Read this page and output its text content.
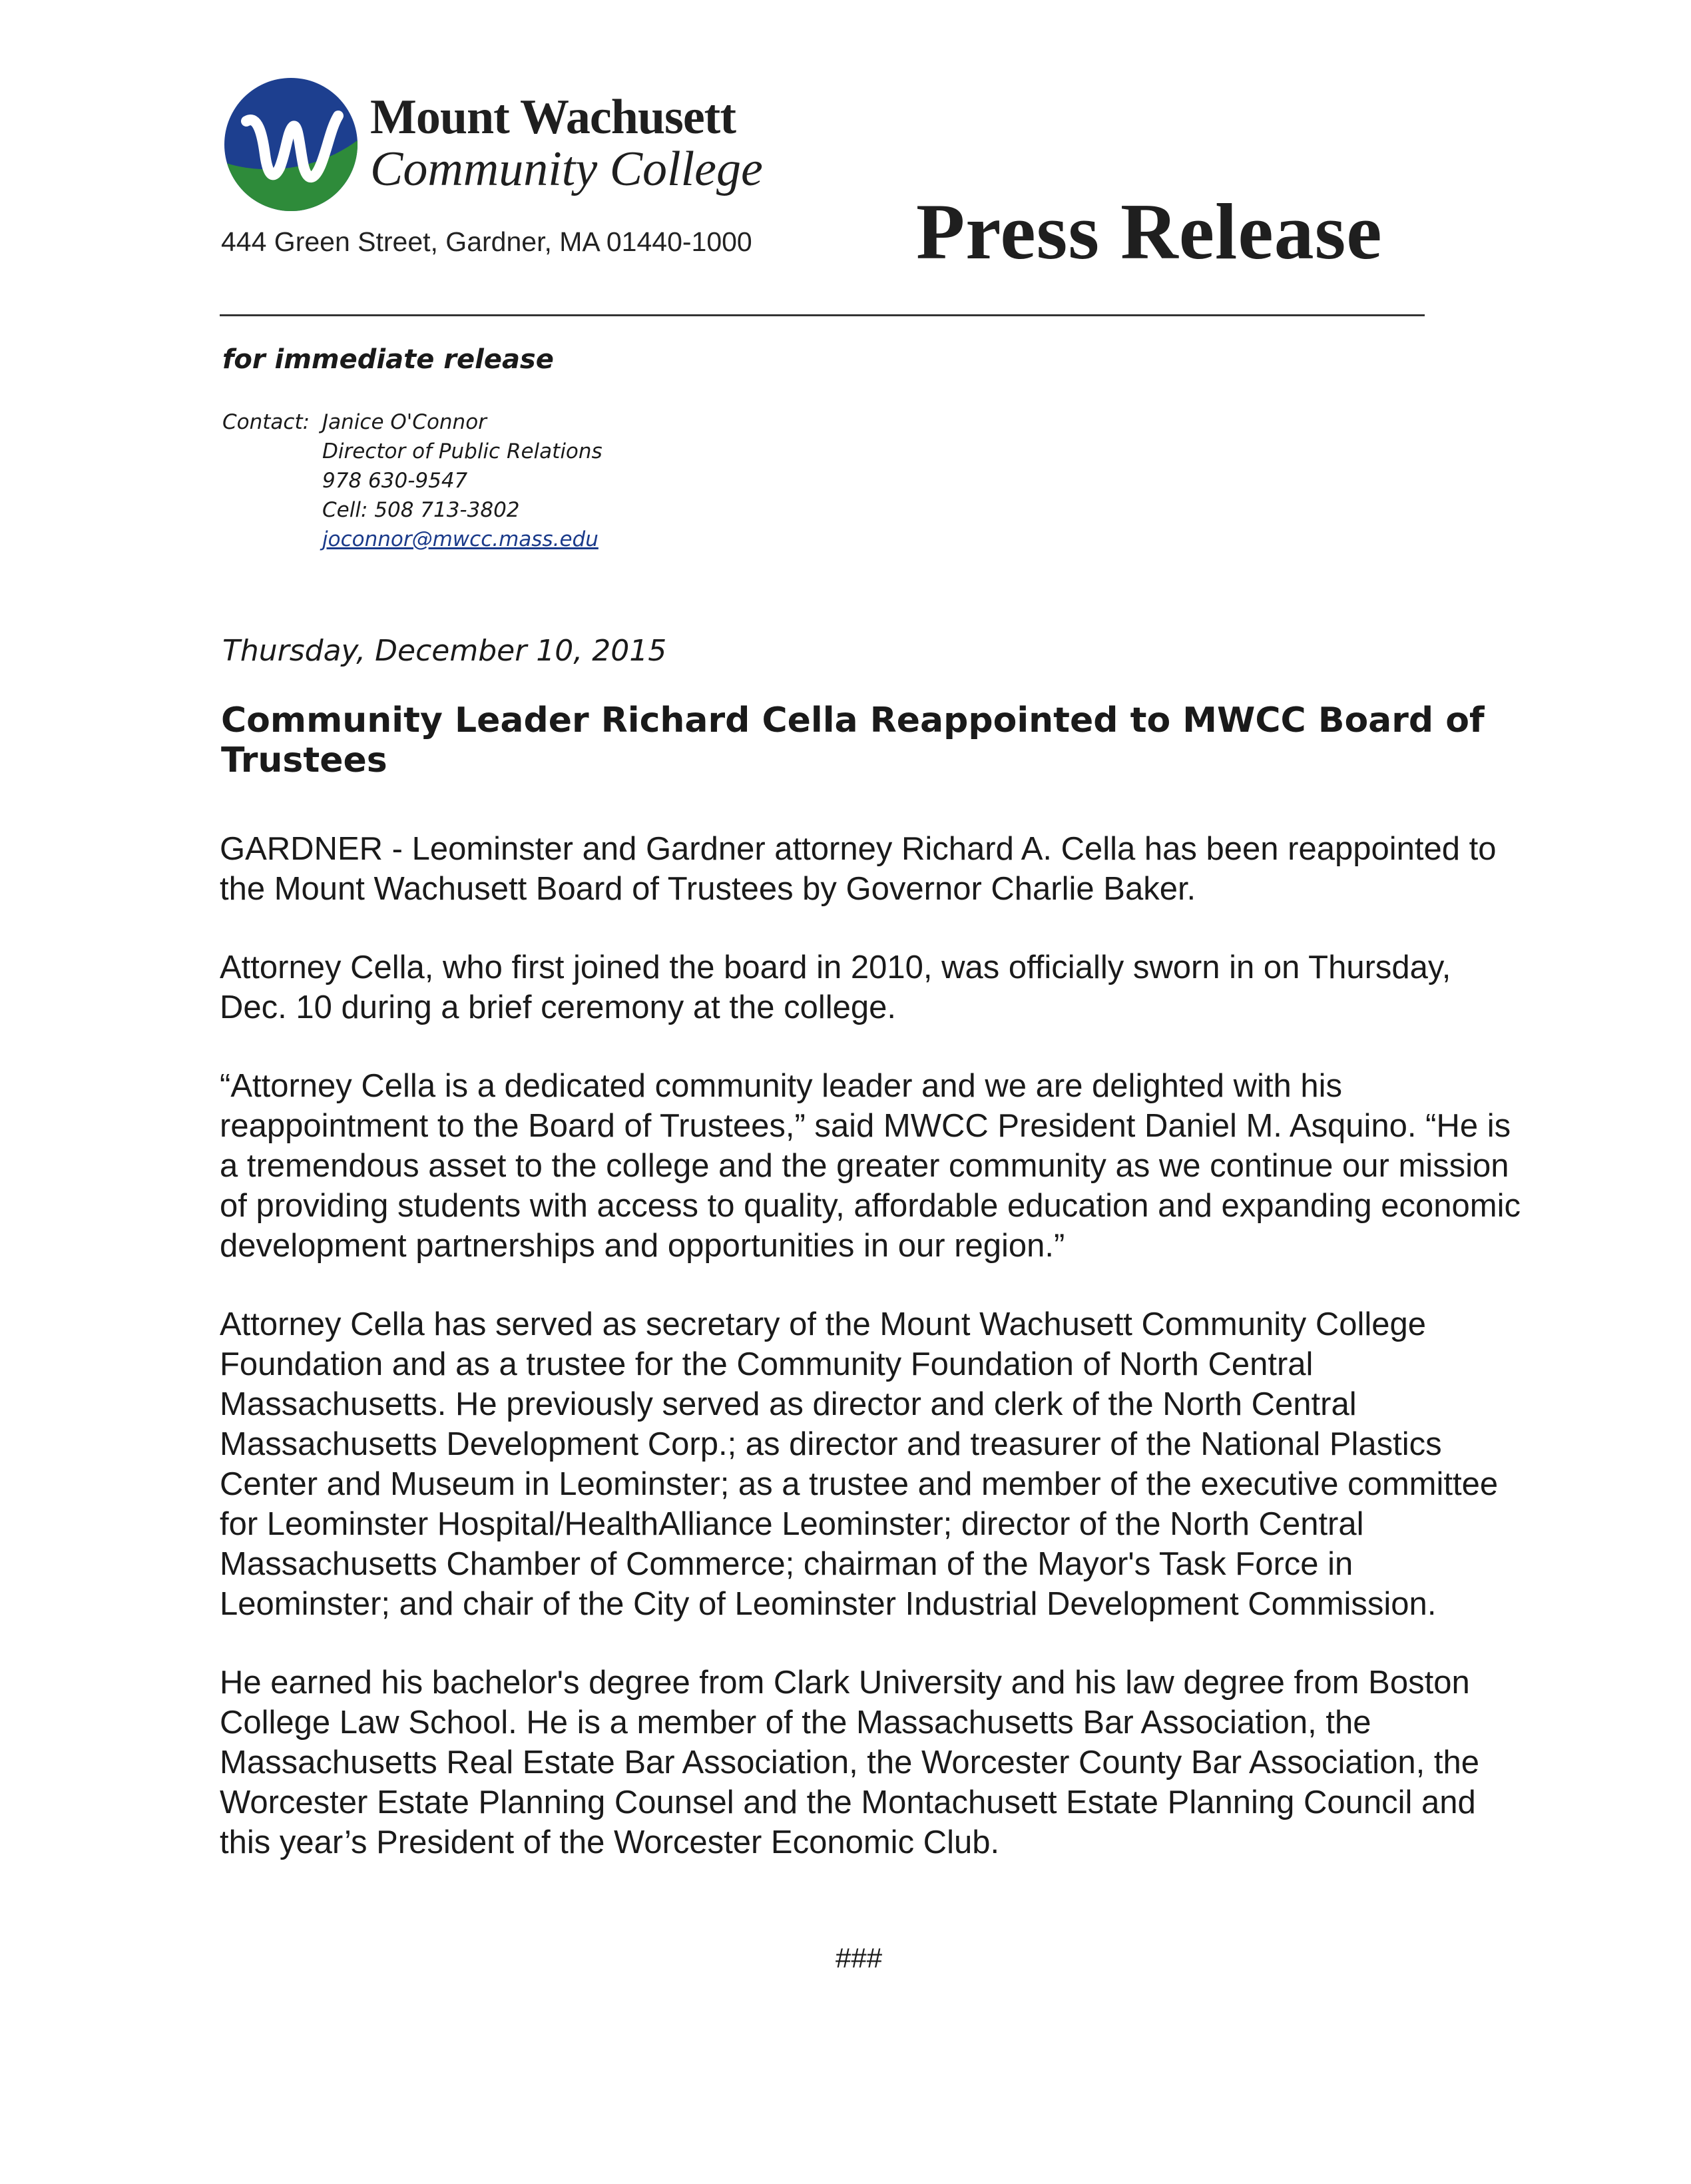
Mount Wachusett
Community College
444 Green Street, Gardner, MA 01440-1000 Press Release
for immediate release
Contact: Janice O'Connor
Director of Public Relations
978 630-9547
Cell: 508 713-3802
joconnor@mwcc.mass.edu
Thursday, December 10, 2015
Community Leader Richard Cella Reappointed to MWCC Board of Trustees

GARDNER - Leominster and Gardner attorney Richard A. Cella has been reappointed to the Mount Wachusett Board of Trustees by Governor Charlie Baker.

Attorney Cella, who first joined the board in 2010, was officially sworn in on Thursday, Dec. 10 during a brief ceremony at the college.

“Attorney Cella is a dedicated community leader and we are delighted with his reappointment to the Board of Trustees,” said MWCC President Daniel M. Asquino. “He is a tremendous asset to the college and the greater community as we continue our mission of providing students with access to quality, affordable education and expanding economic development partnerships and opportunities in our region.”

Attorney Cella has served as secretary of the Mount Wachusett Community College Foundation and as a trustee for the Community Foundation of North Central Massachusetts. He previously served as director and clerk of the North Central Massachusetts Development Corp.; as director and treasurer of the National Plastics Center and Museum in Leominster; as a trustee and member of the executive committee for Leominster Hospital/HealthAlliance Leominster; director of the North Central Massachusetts Chamber of Commerce; chairman of the Mayor's Task Force in Leominster; and chair of the City of Leominster Industrial Development Commission.

He earned his bachelor's degree from Clark University and his law degree from Boston College Law School. He is a member of the Massachusetts Bar Association, the Massachusetts Real Estate Bar Association, the Worcester County Bar Association, the Worcester Estate Planning Counsel and the Montachusett Estate Planning Council and this year’s President of the Worcester Economic Club.

###
